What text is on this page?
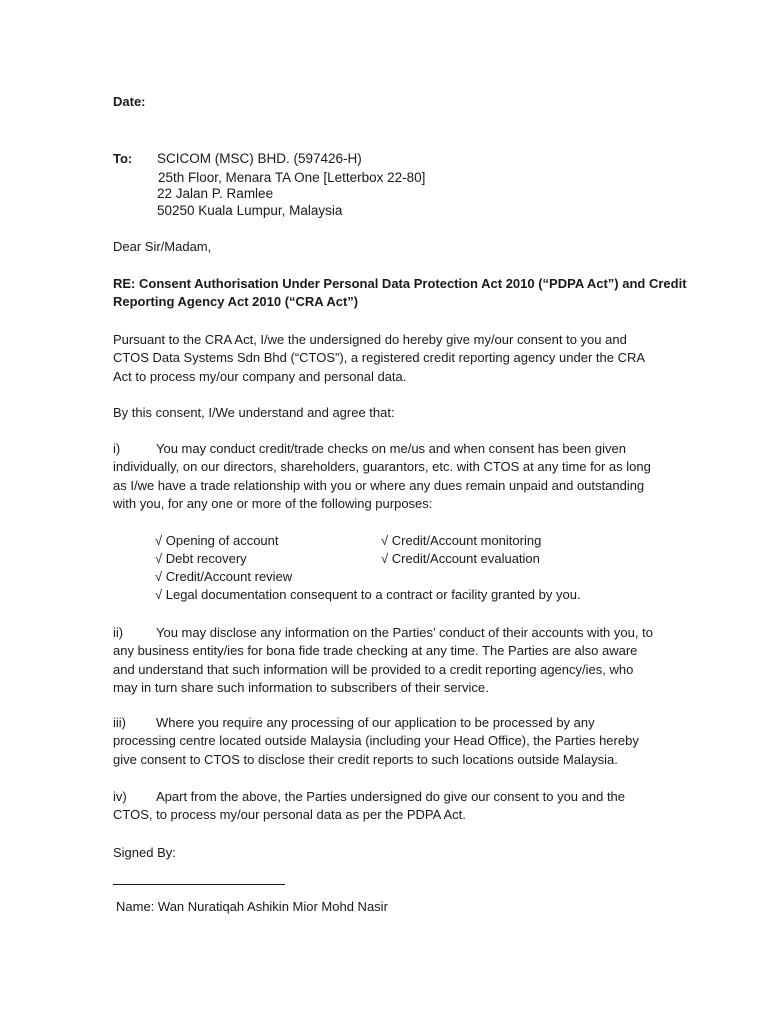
Date:
To: SCICOM (MSC) BHD. (597426-H)
25th Floor, Menara TA One [Letterbox 22-80]
22 Jalan P. Ramlee
50250 Kuala Lumpur, Malaysia
Dear Sir/Madam,
RE: Consent Authorisation Under Personal Data Protection Act 2010 (“PDPA Act”) and Credit
Reporting Agency Act 2010 (“CRA Act”)
Pursuant to the CRA Act, I/we the undersigned do hereby give my/our consent to you and CTOS Data Systems Sdn Bhd (“CTOS”), a registered credit reporting agency under the CRA Act to process my/our company and personal data.
By this consent, I/We understand and agree that:
i)	You may conduct credit/trade checks on me/us and when consent has been given individually, on our directors, shareholders, guarantors, etc. with CTOS at any time for as long as I/we have a trade relationship with you or where any dues remain unpaid and outstanding with you, for any one or more of the following purposes:
√ Opening of account	√ Credit/Account monitoring
√ Debt recovery	√ Credit/Account evaluation
√ Credit/Account review
√ Legal documentation consequent to a contract or facility granted by you.
ii)	You may disclose any information on the Parties’ conduct of their accounts with you, to any business entity/ies for bona fide trade checking at any time. The Parties are also aware and understand that such information will be provided to a credit reporting agency/ies, who may in turn share such information to subscribers of their service.
iii) Where you require any processing of our application to be processed by any processing centre located outside Malaysia (including your Head Office), the Parties hereby give consent to CTOS to disclose their credit reports to such locations outside Malaysia.
iv) Apart from the above, the Parties undersigned do give our consent to you and the CTOS, to process my/our personal data as per the PDPA Act.
Signed By:
Name: Wan Nuratiqah Ashikin Mior Mohd Nasir
